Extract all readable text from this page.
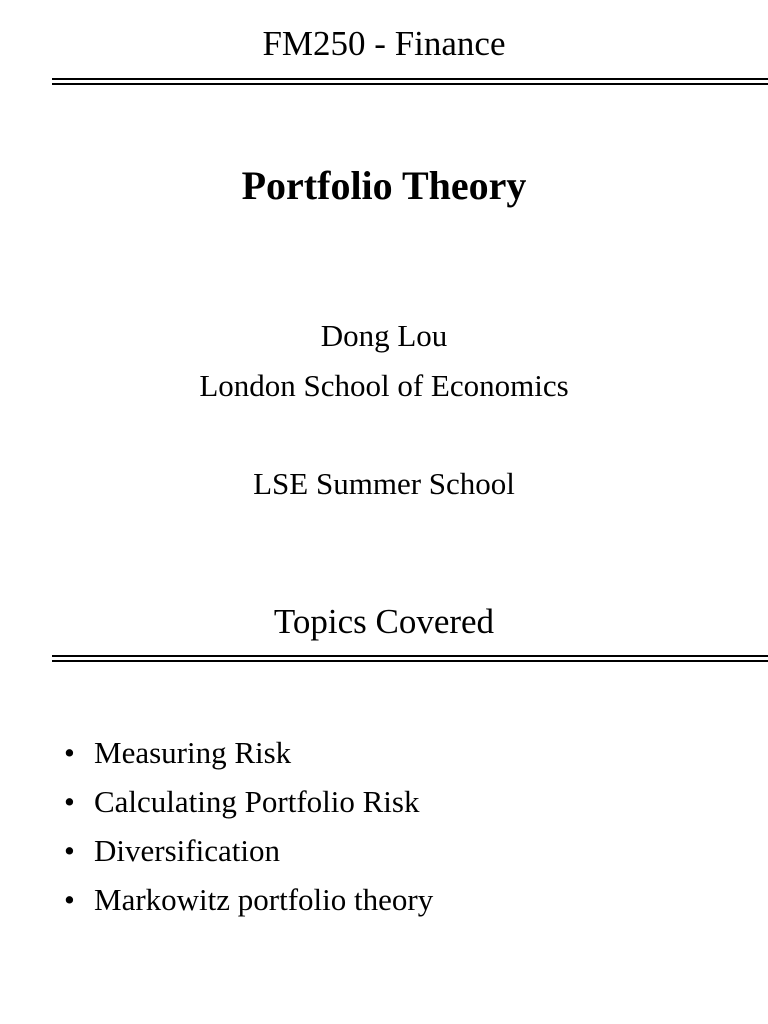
FM250 - Finance
Portfolio Theory
Dong Lou
London School of Economics
LSE Summer School
Topics Covered
• Measuring Risk
• Calculating Portfolio Risk
• Diversification
• Markowitz portfolio theory
